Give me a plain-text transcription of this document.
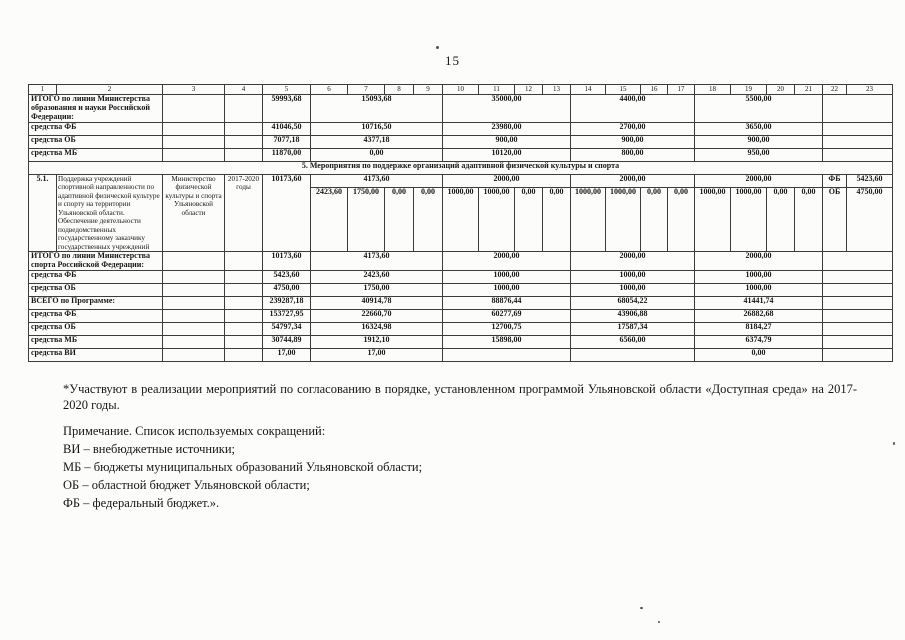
15
1	2	3	4	5	6	7	8	9	10	11	12	13	14	15	16	17	18	19	20	21	22	23
ИТОГО по линии Министерства образования и науки Российской Федерации:				59993,68	15093,68				35000,00				4400,00				5500,00					
средства ФБ				41046,50	10716,50				23980,00				2700,00				3650,00					
средства ОБ				7077,18	4377,18				900,00				900,00				900,00					
средства МБ				11870,00	0,00				10120,00				800,00				950,00					
5. Мероприятия по поддержке организаций адаптивной физической культуры и спорта																						
5.1.	Поддержка учреждений спортивной направленности по адаптивной физической культуре и спорту на территории Ульяновской области. Обеспечение деятельности подведомственных государственному заказчику государственных учреждений	Министерство физической культуры и спорта Ульяновской области	2017-2020 годы	10173,60	4173,60				2000,00				2000,00				2000,00				ФБ	5423,60
					2423,60	1750,00	0,00	0,00	1000,00	1000,00	0,00	0,00	1000,00	1000,00	0,00	0,00	1000,00	1000,00	0,00	0,00	ОБ	4750,00
ИТОГО по линии Министерства спорта Российской Федерации:				10173,60	4173,60				2000,00				2000,00				2000,00					
средства ФБ				5423,60	2423,60				1000,00				1000,00				1000,00					
средства ОБ				4750,00	1750,00				1000,00				1000,00				1000,00					
ВСЕГО по Программе:				239287,18	40914,78				88876,44				68054,22				41441,74					
средства ФБ				153727,95	22660,70				60277,69				43906,88				26882,68					
средства ОБ				54797,34	16324,98				12700,75				17587,34				8184,27					
средства МБ				30744,89	1912,10				15898,00				6560,00				6374,79					
средства ВИ				17,00	17,00												0,00					
*Участвуют в реализации мероприятий по согласованию в порядке, установленном программой Ульяновской области «Доступная среда» на 2017-2020 годы.
Примечание. Список используемых сокращений:
ВИ – внебюджетные источники;
МБ – бюджеты муниципальных образований Ульяновской области;
ОБ – областной бюджет Ульяновской области;
ФБ – федеральный бюджет.».
